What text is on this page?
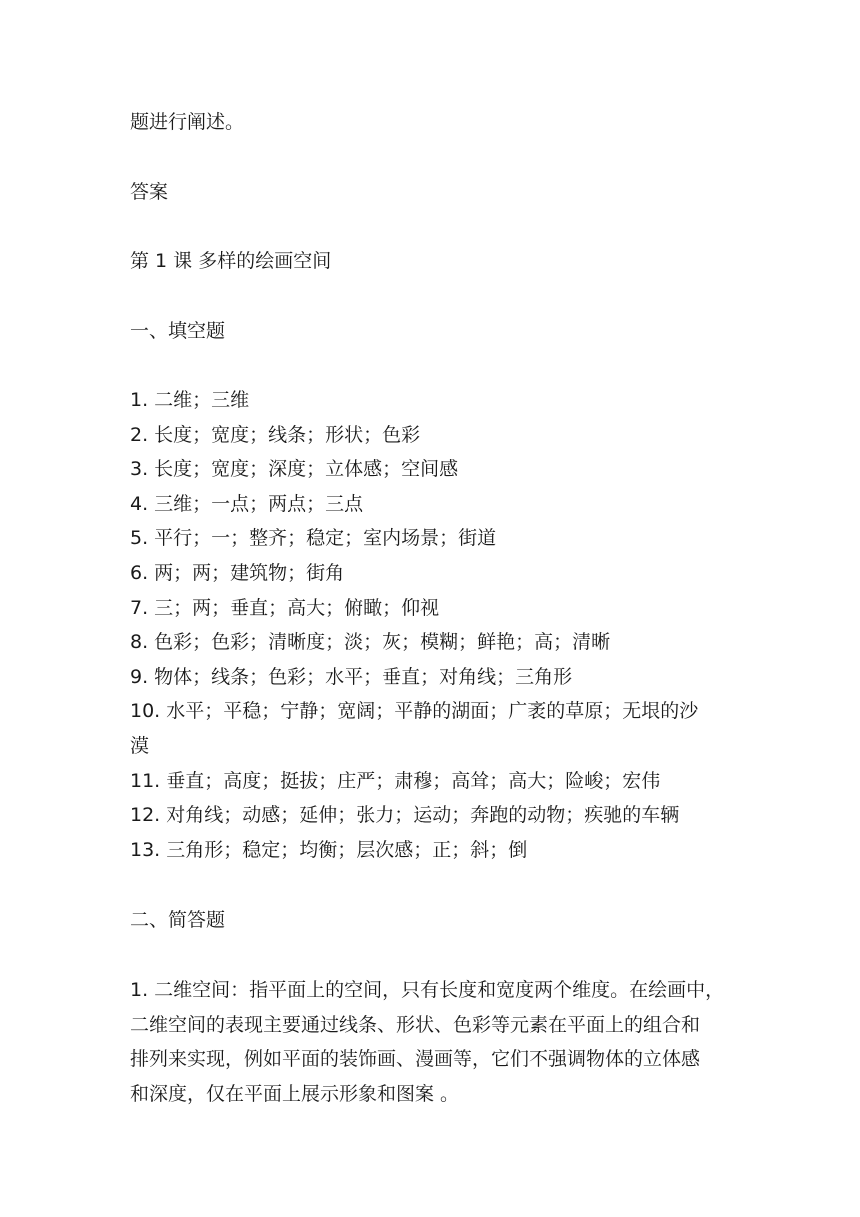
题进行阐述。
答案
第 1 课 多样的绘画空间
一、填空题

1. 二维；三维

2. 长度；宽度；线条；形状；色彩

3. 长度；宽度；深度；立体感；空间感

4. 三维；一点；两点；三点

5. 平行；一；整齐；稳定；室内场景；街道

6. 两；两；建筑物；街角

7. 三；两；垂直；高大；俯瞰；仰视

8. 色彩；色彩；清晰度；淡；灰；模糊；鲜艳；高；清晰

9. 物体；线条；色彩；水平；垂直；对角线；三角形

10. 水平；平稳；宁静；宽阔；平静的湖面；广袤的草原；无垠的沙

漠

11. 垂直；高度；挺拔；庄严；肃穆；高耸；高大；险峻；宏伟

12. 对角线；动感；延伸；张力；运动；奔跑的动物；疾驰的车辆

13. 三角形；稳定；均衡；层次感；正；斜；倒

二、简答题

1. 二维空间：指平面上的空间，只有长度和宽度两个维度。在绘画中，

二维空间的表现主要通过线条、形状、色彩等元素在平面上的组合和

排列来实现，例如平面的装饰画、漫画等，它们不强调物体的立体感

和深度，仅在平面上展示形象和图案 。
